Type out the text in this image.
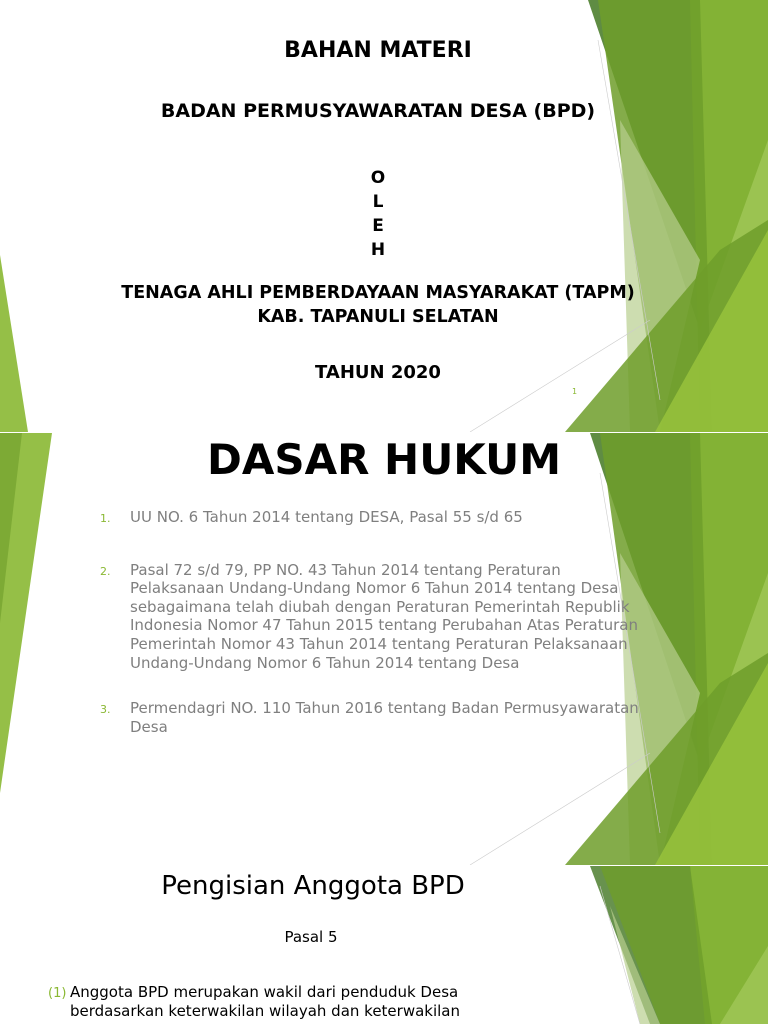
BAHAN MATERI
BADAN PERMUSYAWARATAN DESA (BPD)
O
L
E
H
TENAGA AHLI PEMBERDAYAAN MASYARAKAT (TAPM)
KAB. TAPANULI SELATAN
TAHUN 2020
1
DASAR HUKUM
1. UU NO. 6 Tahun 2014 tentang DESA, Pasal 55 s/d 65
2. Pasal 72 s/d 79, PP NO. 43 Tahun 2014 tentang Peraturan Pelaksanaan Undang-Undang Nomor 6 Tahun 2014 tentang Desa sebagaimana telah diubah dengan Peraturan Pemerintah Republik Indonesia Nomor 47 Tahun 2015 tentang Perubahan Atas Peraturan Pemerintah Nomor 43 Tahun 2014 tentang Peraturan Pelaksanaan Undang-Undang Nomor 6 Tahun 2014 tentang Desa
3. Permendagri NO. 110 Tahun 2016 tentang Badan Permusyawaratan Desa
Pengisian Anggota BPD
Pasal 5
(1) Anggota BPD merupakan wakil dari penduduk Desa berdasarkan keterwakilan wilayah dan keterwakilan
